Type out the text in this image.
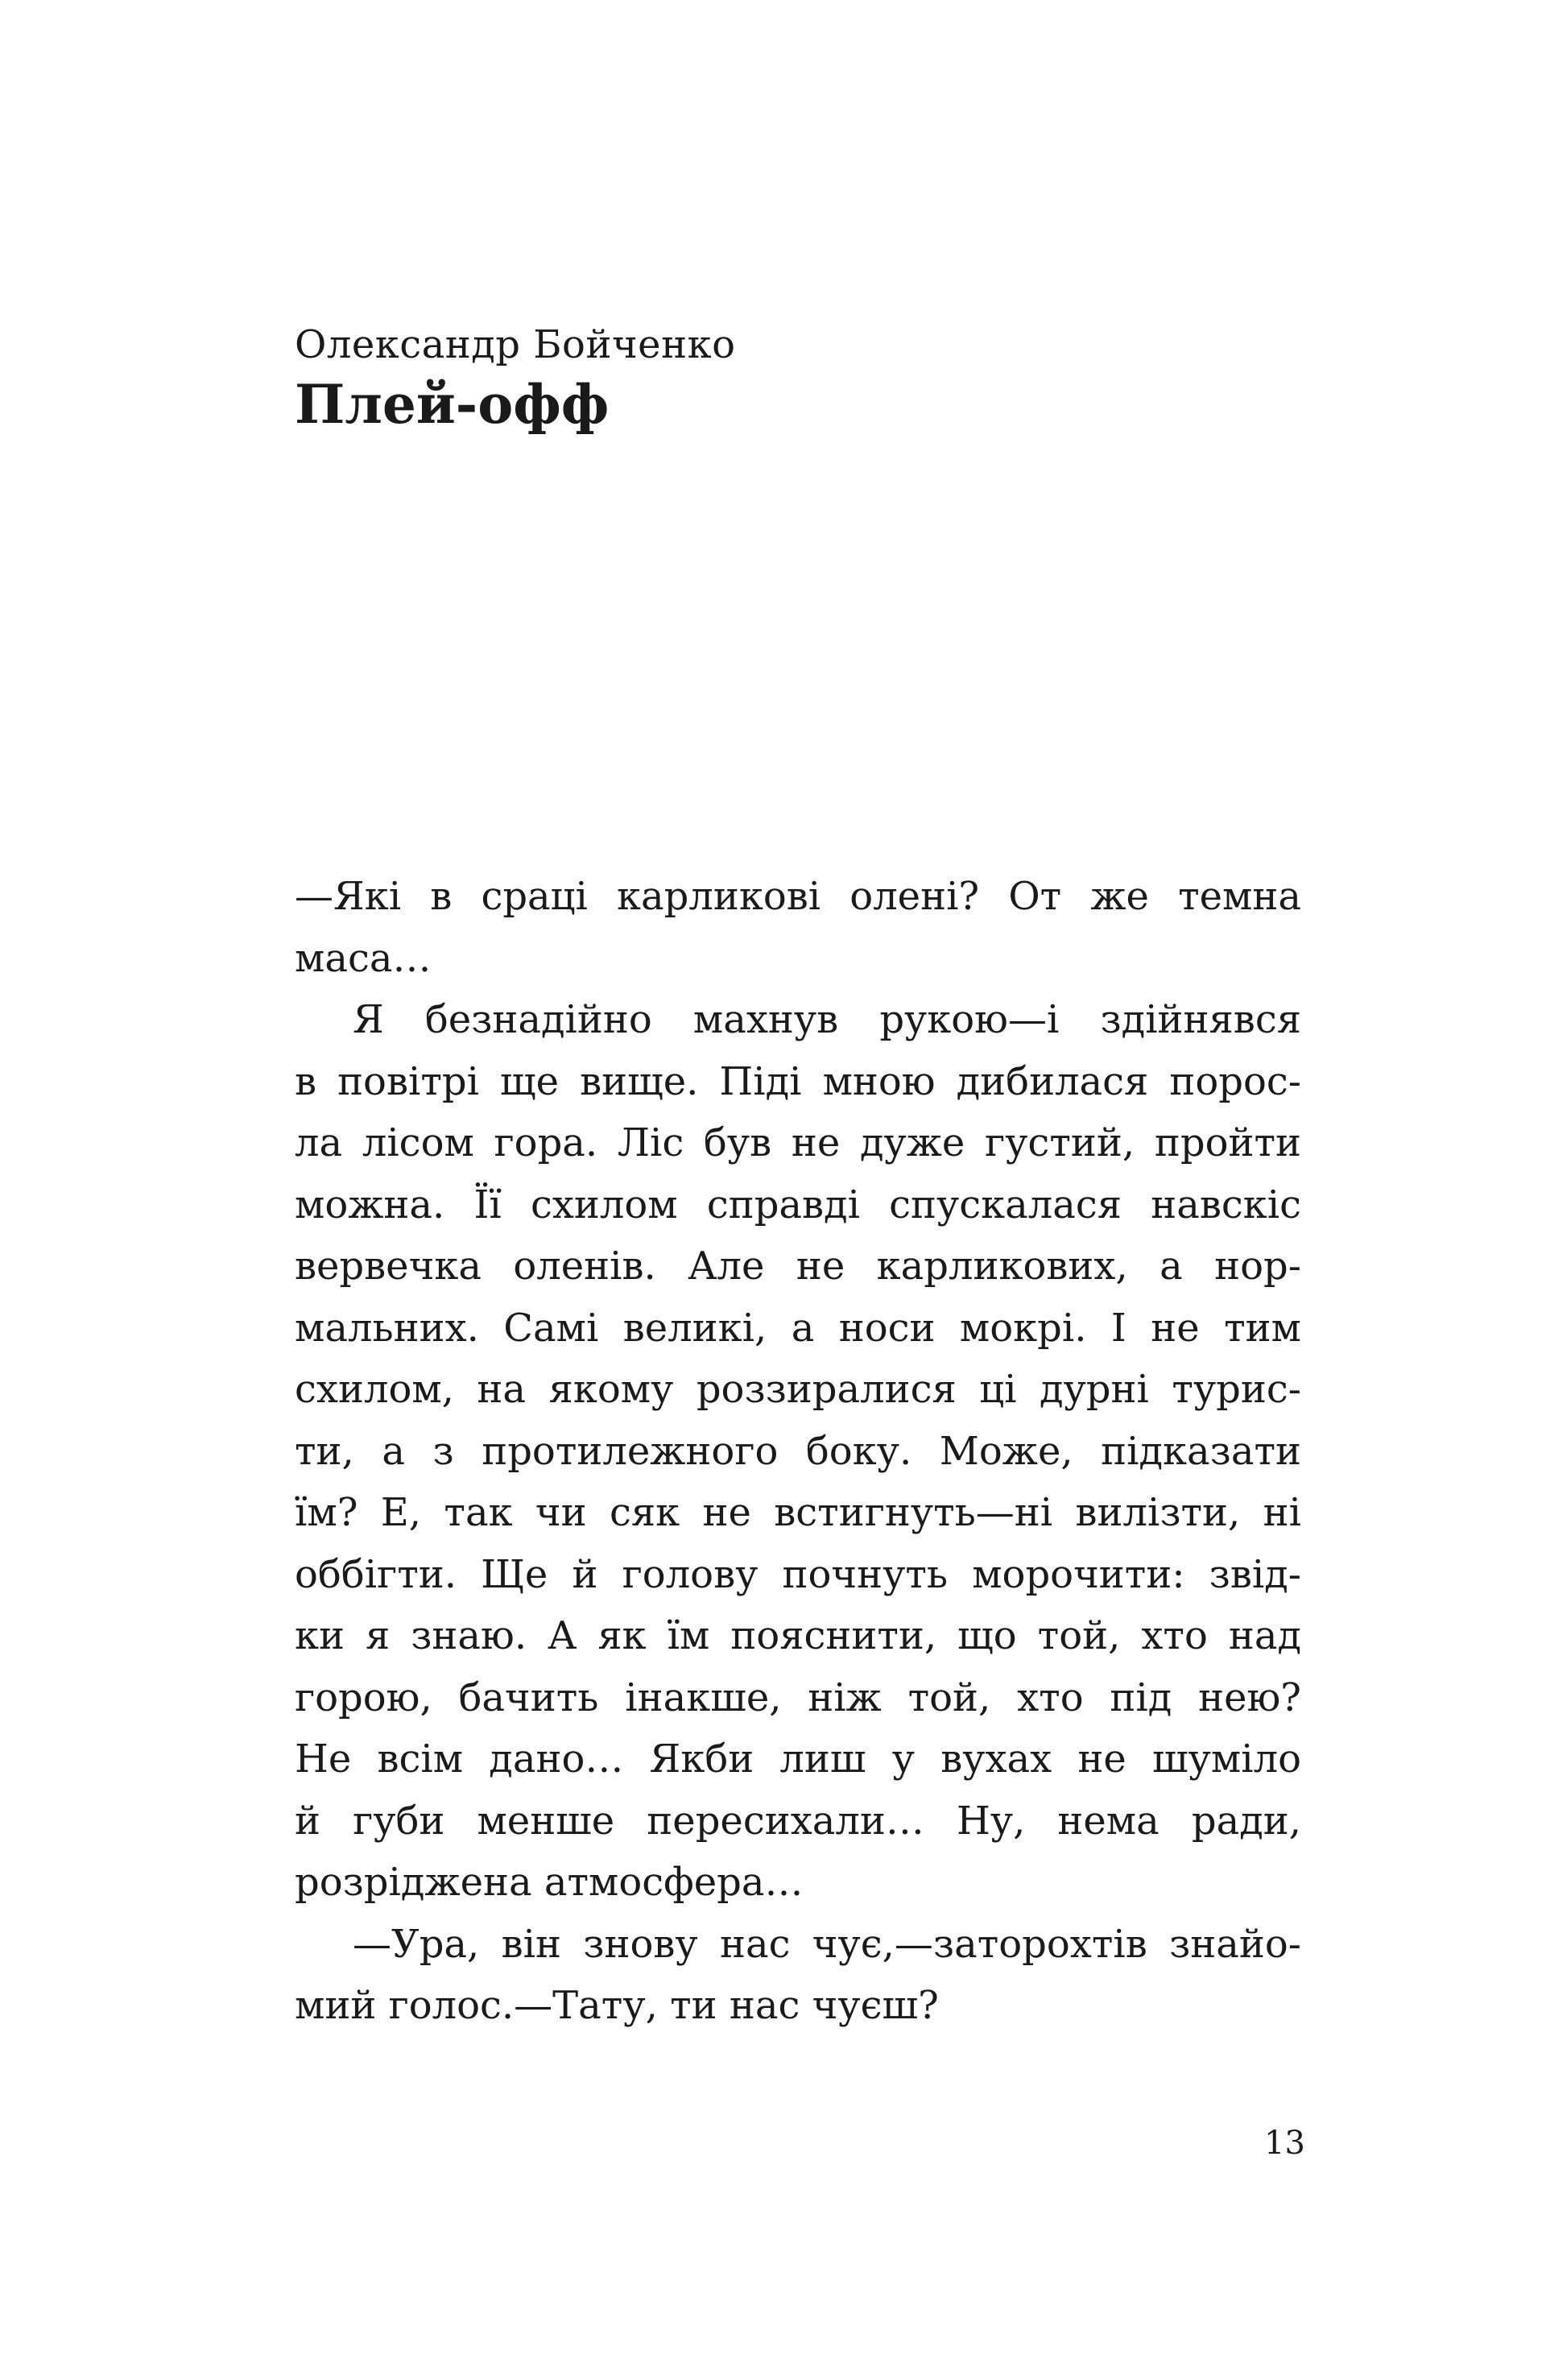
Олександр Бойченко
Плей-офф
—Які в сраці карликові олені? От же темна
маса…
Я безнадійно махнув рукою—і здійнявся
в повітрі ще вище. Піді мною дибилася порос-
ла лісом гора. Ліс був не дуже густий, пройти
можна. Її схилом справді спускалася навскіс
вервечка оленів. Але не карликових, а нор-
мальних. Самі великі, а носи мокрі. І не тим
схилом, на якому роззиралися ці дурні турис-
ти, а з протилежного боку. Може, підказати
їм? Е, так чи сяк не встигнуть—ні вилізти, ні
оббігти. Ще й голову почнуть морочити: звід-
ки я знаю. А як їм пояснити, що той, хто над
горою, бачить інакше, ніж той, хто під нею?
Не всім дано… Якби лиш у вухах не шуміло
й губи менше пересихали… Ну, нема ради,
розріджена атмосфера…
—Ура, він знову нас чує,—заторохтів знайо-
мий голос.—Тату, ти нас чуєш?
13
